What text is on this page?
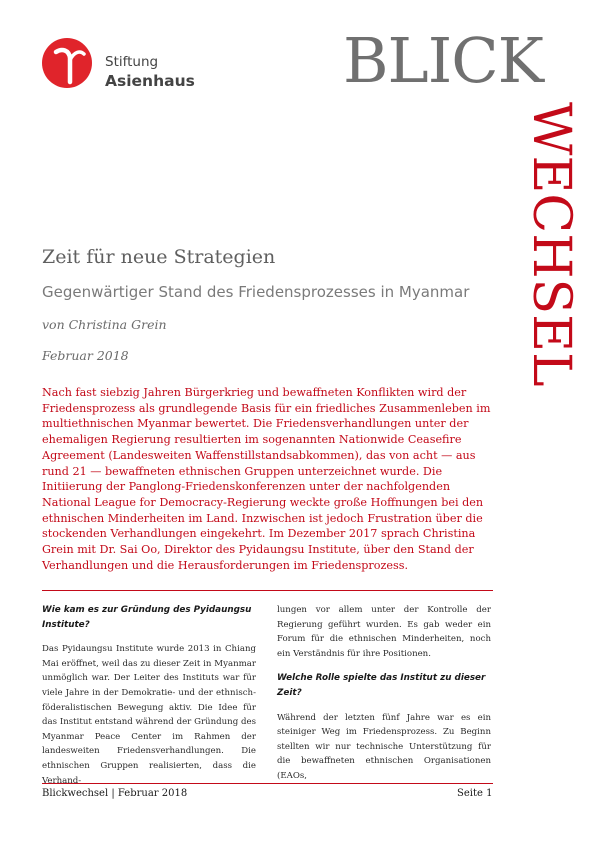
Stiftung
Asienhaus BLICK
WECHSEL
Zeit für neue Strategien
Gegenwärtiger Stand des Friedensprozesses in Myanmar
von Christina Grein
Februar 2018
Nach fast siebzig Jahren Bürgerkrieg und bewaffneten Konflikten wird der Friedensprozess als grundlegende Basis für ein friedliches Zusammenleben im multiethnischen Myanmar bewertet. Die Friedensverhandlungen unter der ehemaligen Regierung resultierten im sogenannten Nationwide Ceasefire Agreement (Landesweiten Waffenstillstandsabkommen), das von acht — aus rund 21 — bewaffneten ethnischen Gruppen unterzeichnet wurde. Die Initiierung der Panglong-Friedenskonferenzen unter der nachfolgenden National League for Democracy-Regierung weckte große Hoffnungen bei den ethnischen Minderheiten im Land. Inzwischen ist jedoch Frustration über die stockenden Verhandlungen eingekehrt. Im Dezember 2017 sprach Christina Grein mit Dr. Sai Oo, Direktor des Pyidaungsu Institute, über den Stand der Verhandlungen und die Herausforderungen im Friedensprozess.
Wie kam es zur Gründung des Pyidaungsu Institute?
Das Pyidaungsu Institute wurde 2013 in Chiang Mai eröffnet, weil das zu dieser Zeit in Myanmar unmöglich war. Der Leiter des Instituts war für viele Jahre in der Demokratie- und der ethnisch-föderalistischen Bewegung aktiv. Die Idee für das Institut entstand während der Gründung des Myanmar Peace Center im Rahmen der landesweiten Friedensverhandlungen. Die ethnischen Gruppen realisierten, dass die Verhand-
lungen vor allem unter der Kontrolle der Regierung geführt wurden. Es gab weder ein Forum für die ethnischen Minderheiten, noch ein Verständnis für ihre Positionen.
Welche Rolle spielte das Institut zu dieser Zeit?
Während der letzten fünf Jahre war es ein steiniger Weg im Friedensprozess. Zu Beginn stellten wir nur technische Unterstützung für die bewaffneten ethnischen Organisationen (EAOs,
Blickwechsel | Februar 2018	Seite 1
